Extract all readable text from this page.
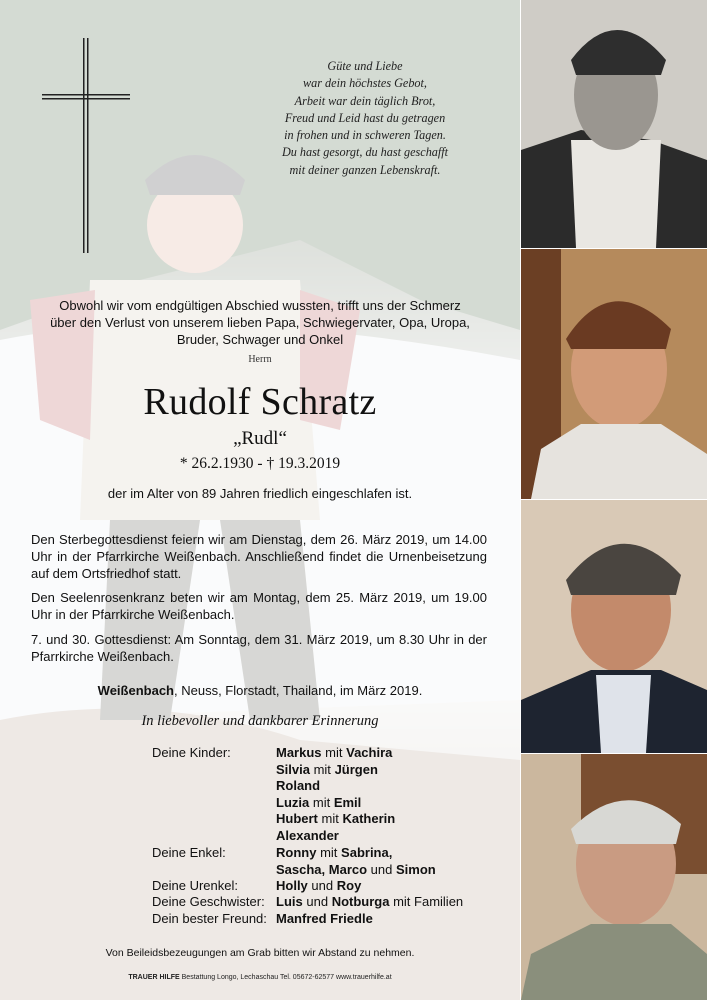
Güte und Liebe
war dein höchstes Gebot,
Arbeit war dein täglich Brot,
Freud und Leid hast du getragen
in frohen und in schweren Tagen.
Du hast gesorgt, du hast geschafft
mit deiner ganzen Lebenskraft.
Obwohl wir vom endgültigen Abschied wussten, trifft uns der Schmerz
über den Verlust von unserem lieben Papa, Schwiegervater, Opa, Uropa,
Bruder, Schwager und Onkel
Herrn
Rudolf Schratz
„Rudl“
* 26.2.1930 - † 19.3.2019
der im Alter von 89 Jahren friedlich eingeschlafen ist.
Den Sterbegottesdienst feiern wir am Dienstag, dem 26. März 2019, um 14.00 Uhr in der Pfarrkirche Weißenbach. Anschließend findet die Urnenbeisetzung auf dem Ortsfriedhof statt.
Den Seelenrosenkranz beten wir am Montag, dem 25. März 2019, um 19.00 Uhr in der Pfarrkirche Weißenbach.
7. und 30. Gottesdienst: Am Sonntag, dem 31. März 2019, um 8.30 Uhr in der Pfarrkirche Weißenbach.
Weißenbach, Neuss, Florstadt, Thailand, im März 2019.
In liebevoller und dankbarer Erinnerung
Deine Kinder:
Deine Enkel:
Deine Urenkel:
Deine Geschwister:
Dein bester Freund:
Markus mit Vachira
Silvia mit Jürgen
Roland
Luzia mit Emil
Hubert mit Katherin
Alexander
Ronny mit Sabrina,
Sascha, Marco und Simon
Holly und Roy
Luis und Notburga mit Familien
Manfred Friedle
Von Beileidsbezeugungen am Grab bitten wir Abstand zu nehmen.
TRAUER HILFE Bestattung Longo, Lechaschau Tel. 05672-62577 www.trauerhilfe.at
